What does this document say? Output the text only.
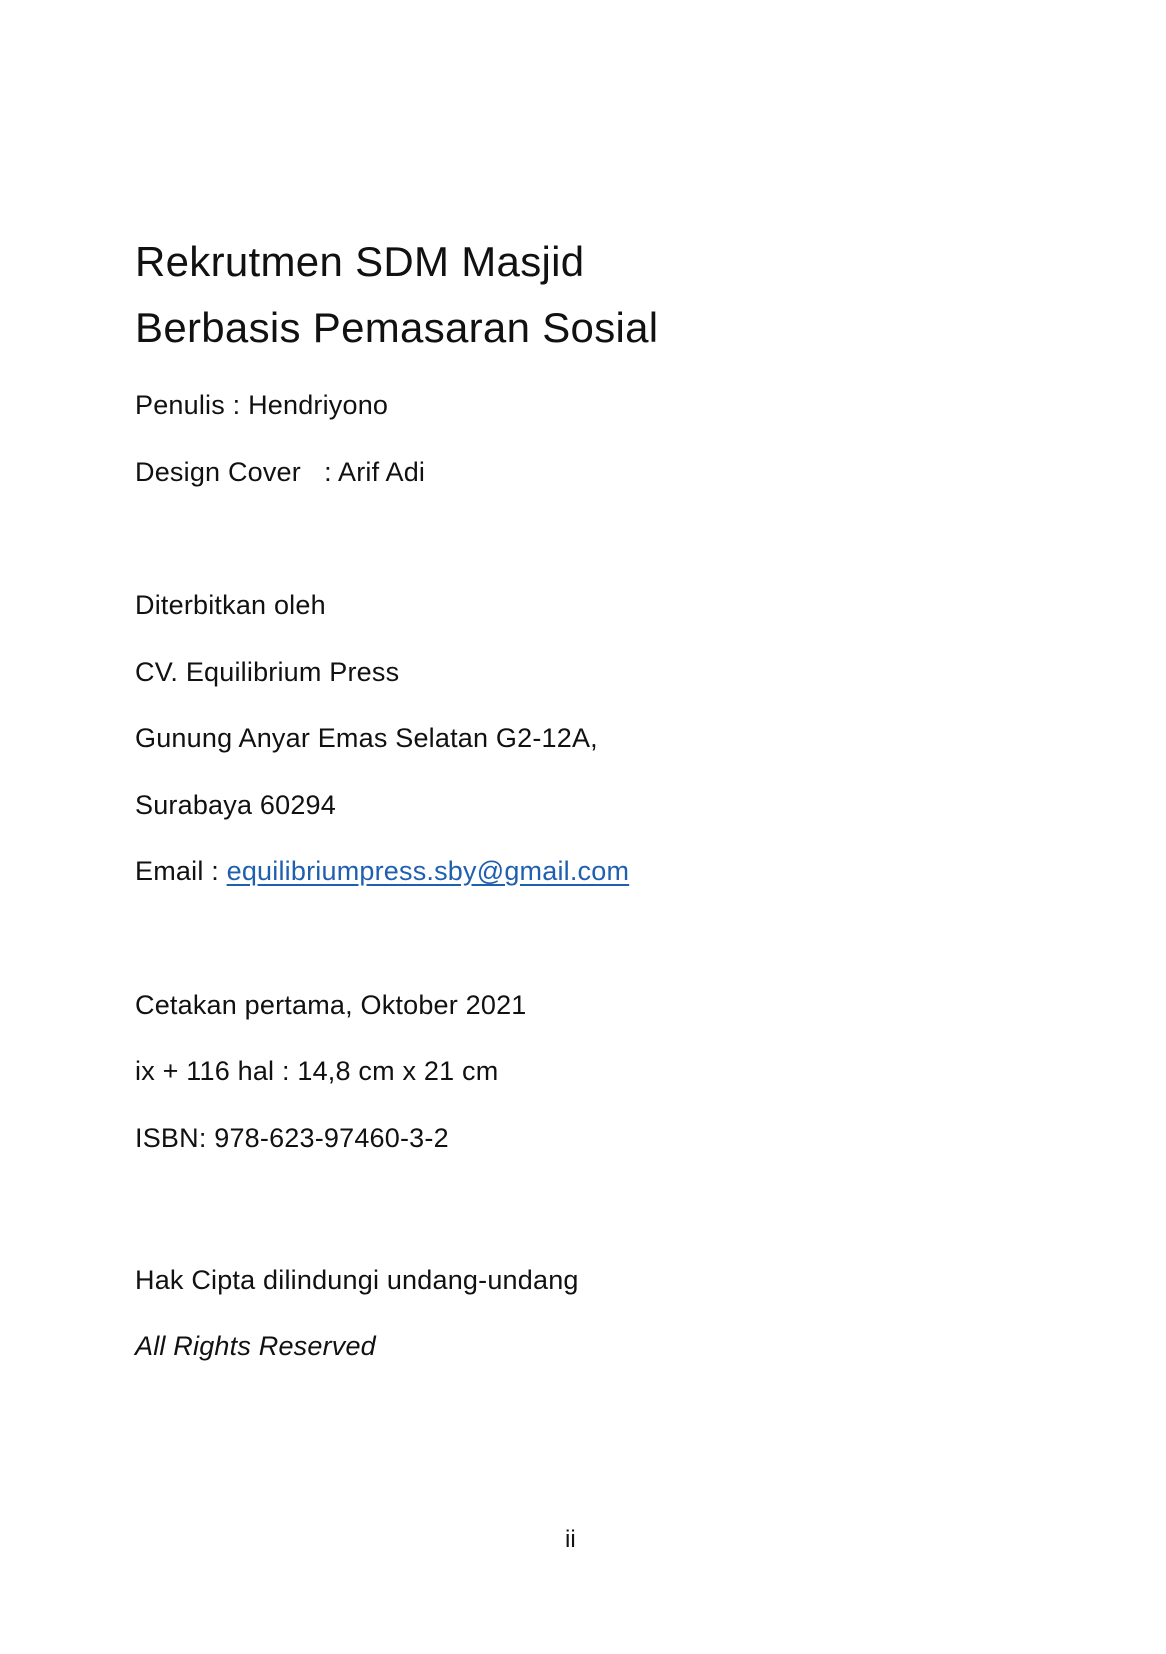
Rekrutmen SDM Masjid
Berbasis Pemasaran Sosial
Penulis : Hendriyono
Design Cover   : Arif Adi
Diterbitkan oleh
CV. Equilibrium Press
Gunung Anyar Emas Selatan G2-12A,
Surabaya 60294
Email : equilibriumpress.sby@gmail.com
Cetakan pertama, Oktober 2021
ix + 116 hal : 14,8 cm x 21 cm
ISBN: 978-623-97460-3-2
Hak Cipta dilindungi undang-undang
All Rights Reserved
ii
